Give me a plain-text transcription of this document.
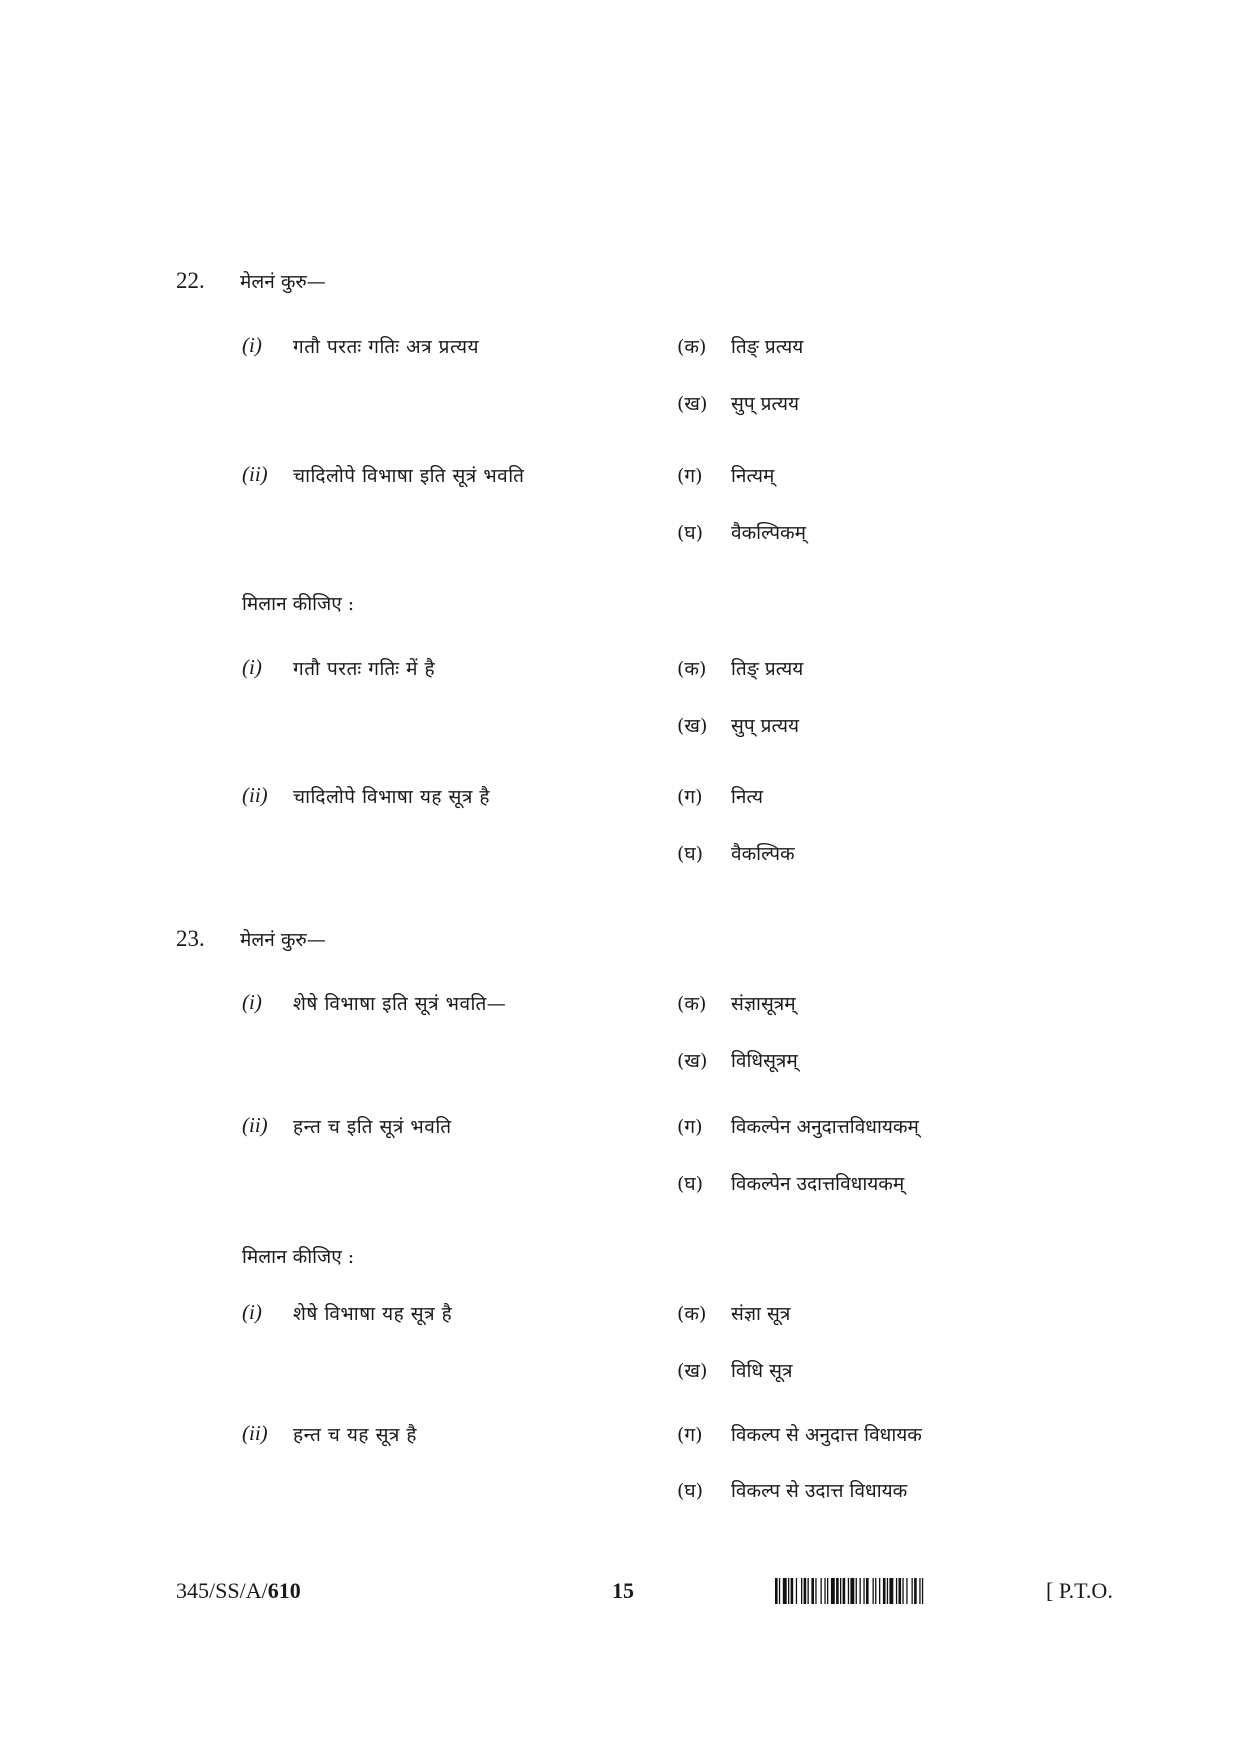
22. मेलनं कुरु—
(i) गतौ परतः गतिः अत्र प्रत्यय	(क) तिङ् प्रत्यय
(ख) सुप् प्रत्यय
(ii) चादिलोपे विभाषा इति सूत्रं भवति	(ग) नित्यम्
(घ) वैकल्पिकम्
मिलान कीजिए :
(i) गतौ परतः गतिः में है	(क) तिङ् प्रत्यय
(ख) सुप् प्रत्यय
(ii) चादिलोपे विभाषा यह सूत्र है	(ग) नित्य
(घ) वैकल्पिक
23. मेलनं कुरु—
(i) शेषे विभाषा इति सूत्रं भवति—	(क) संज्ञासूत्रम्
(ख) विधिसूत्रम्
(ii) हन्त च इति सूत्रं भवति	(ग) विकल्पेन अनुदात्तविधायकम्
(घ) विकल्पेन उदात्तविधायकम्
मिलान कीजिए :
(i) शेषे विभाषा यह सूत्र है	(क) संज्ञा सूत्र
(ख) विधि सूत्र
(ii) हन्त च यह सूत्र है	(ग) विकल्प से अनुदात्त विधायक
(घ) विकल्प से उदात्त विधायक
345/SS/A/610	15	[ P.T.O.
